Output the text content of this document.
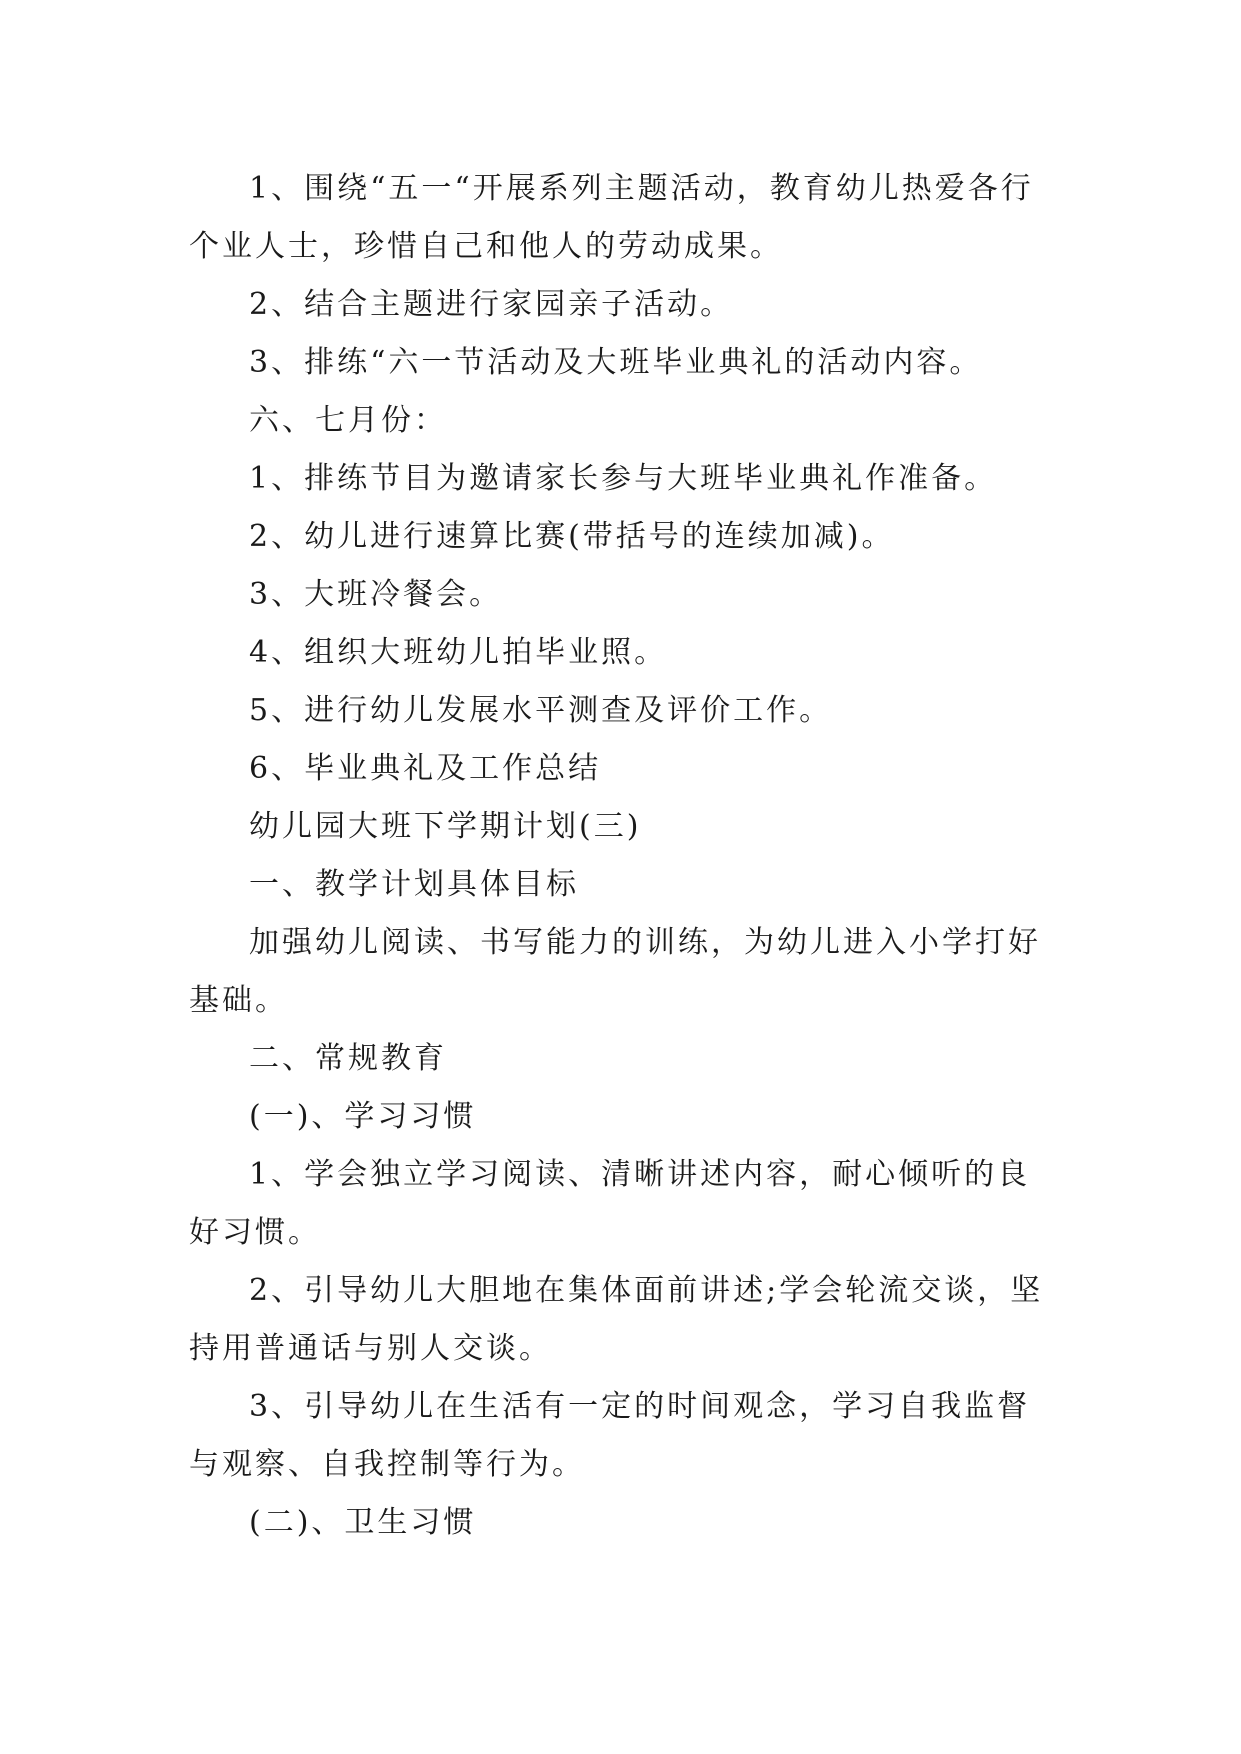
1、围绕“五一“开展系列主题活动，教育幼儿热爱各行个业人士，珍惜自己和他人的劳动成果。

2、结合主题进行家园亲子活动。

3、排练“六一节活动及大班毕业典礼的活动内容。

六、七月份：

1、排练节目为邀请家长参与大班毕业典礼作准备。

2、幼儿进行速算比赛(带括号的连续加减)。

3、大班冷餐会。

4、组织大班幼儿拍毕业照。

5、进行幼儿发展水平测查及评价工作。

6、毕业典礼及工作总结

幼儿园大班下学期计划(三)

一、教学计划具体目标

加强幼儿阅读、书写能力的训练，为幼儿进入小学打好基础。

二、常规教育

(一)、学习习惯

1、学会独立学习阅读、清晰讲述内容，耐心倾听的良好习惯。

2、引导幼儿大胆地在集体面前讲述;学会轮流交谈，坚持用普通话与别人交谈。

3、引导幼儿在生活有一定的时间观念，学习自我监督与观察、自我控制等行为。

(二)、卫生习惯
